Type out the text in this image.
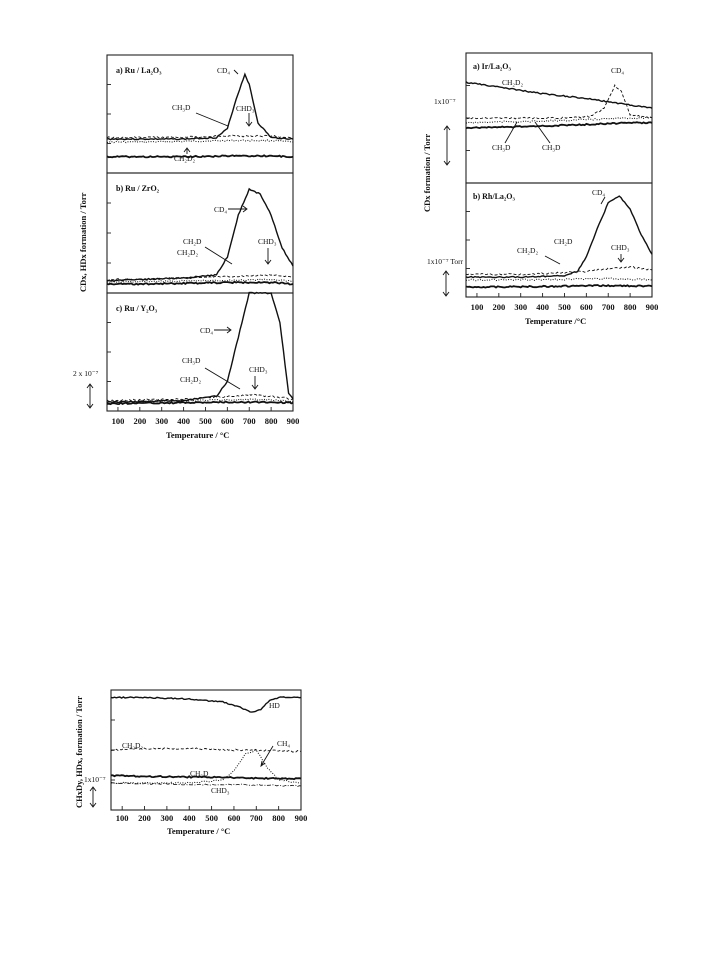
a) Ru / La₂O₃
b) Ru / ZrO₂
c) Ru / Y₂O₃
CD₄
CH₃D	CHD₃
CH₂D₂
CD₄
CH₂D
CH₂D₂
CHD₃
CD₄
CH₃D
CH₂D₂
CHD₃
2 x 10⁻⁷
100 200 300 400 500 600 700 800 900
Temperature / °C
CDx, HDx formation / Torr
a) Ir/La₂O₃
b) Rh/La₂O₃
CH₂D₂
CD₄
CH₃D	CH₃D
CD₄
CH₂D
CH₂D₂	CHD₃
1x10⁻⁷
1x10⁻⁷ Torr
100 200 300 400 500 600 700 800 900
Temperature /°C
CDx formation / Torr
HD
CH₂D₂	CH₄
CH₃D
CHD₃
1x10⁻⁷
100 200 300 400 500 600 700 800 900
Temperature / °C
CHxDy, HDx, formation / Torr
